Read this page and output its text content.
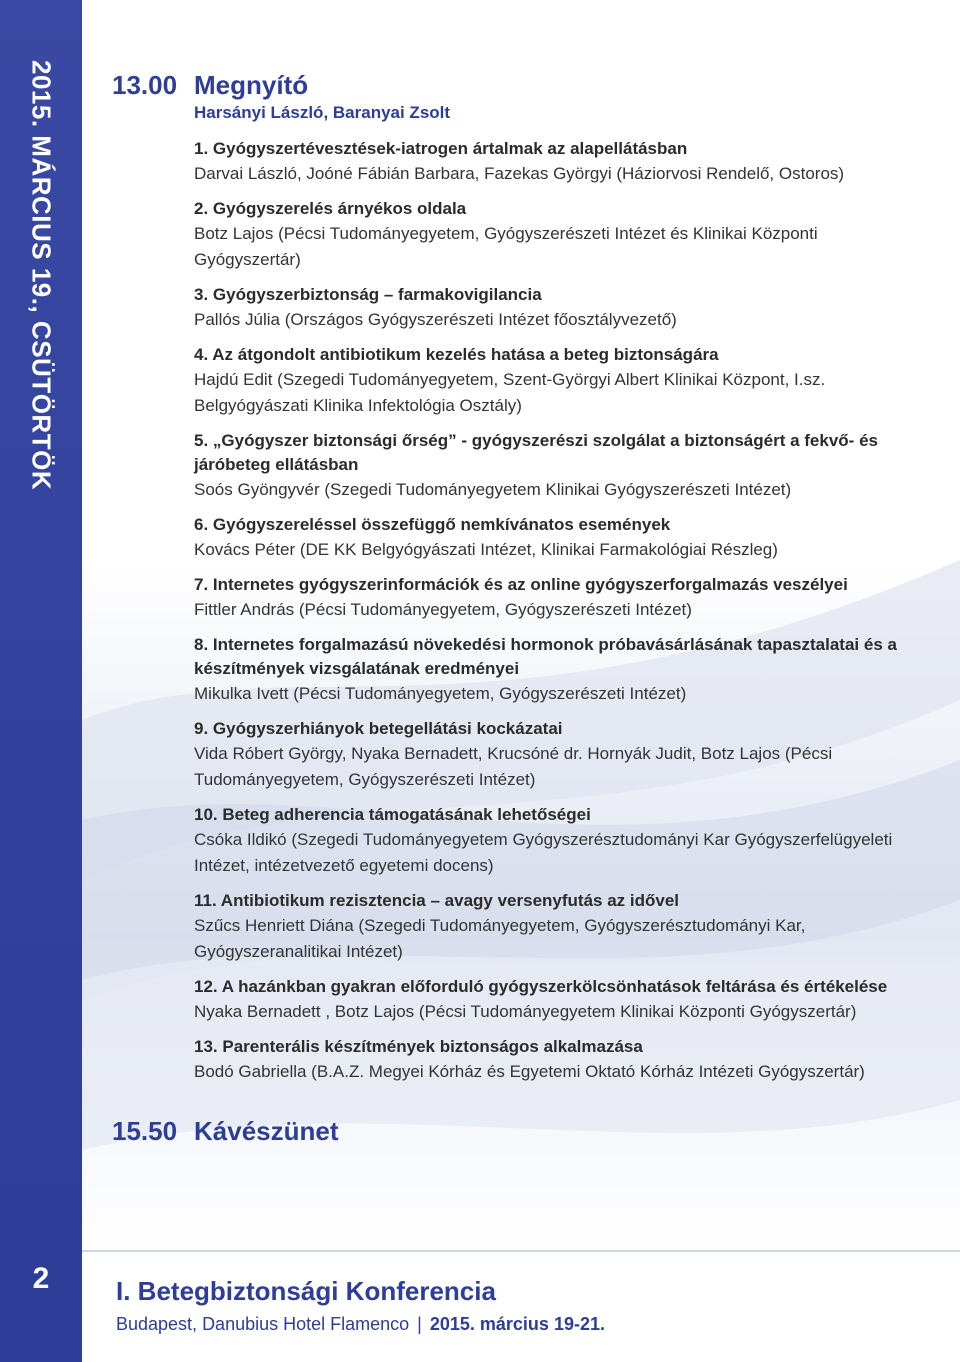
2015. MÁRCIUS 19., CSÜTÖRTÖK
2
13.00 Megnyító
Harsányi László, Baranyai Zsolt
1. Gyógyszertévesztések-iatrogen ártalmak az alapellátásban
Darvai László, Joóné Fábián Barbara, Fazekas Györgyi (Háziorvosi Rendelő, Ostoros)
2. Gyógyszerelés árnyékos oldala
Botz Lajos (Pécsi Tudományegyetem, Gyógyszerészeti Intézet és Klinikai Központi Gyógyszertár)
3. Gyógyszerbiztonság – farmakovigilancia
Pallós Júlia (Országos Gyógyszerészeti Intézet főosztályvezető)
4. Az átgondolt antibiotikum kezelés hatása a beteg biztonságára
Hajdú Edit (Szegedi Tudományegyetem, Szent-Györgyi Albert Klinikai Központ, I.sz. Belgyógyászati Klinika Infektológia Osztály)
5. „Gyógyszer biztonsági őrség” - gyógyszerészi szolgálat a biztonságért a fekvő- és járóbeteg ellátásban
Soós Gyöngyvér (Szegedi Tudományegyetem Klinikai Gyógyszerészeti Intézet)
6. Gyógyszereléssel összefüggő nemkívánatos események
Kovács Péter (DE KK Belgyógyászati Intézet, Klinikai Farmakológiai Részleg)
7. Internetes gyógyszerinformációk és az online gyógyszerforgalmazás veszélyei
Fittler András (Pécsi Tudományegyetem, Gyógyszerészeti Intézet)
8. Internetes forgalmazású növekedési hormonok próbavásárlásának tapasztalatai és a készítmények vizsgálatának eredményei
Mikulka Ivett (Pécsi Tudományegyetem, Gyógyszerészeti Intézet)
9. Gyógyszerhiányok betegellátási kockázatai
Vida Róbert György, Nyaka Bernadett, Krucsóné dr. Hornyák Judit, Botz Lajos (Pécsi Tudományegyetem, Gyógyszerészeti Intézet)
10. Beteg adherencia támogatásának lehetőségei
Csóka Ildikó (Szegedi Tudományegyetem Gyógyszerésztudományi Kar Gyógyszerfelügyeleti Intézet, intézetvezető egyetemi docens)
11. Antibiotikum rezisztencia – avagy versenyfutás az idővel
Szűcs Henriett Diána (Szegedi Tudományegyetem, Gyógyszerésztudományi Kar, Gyógyszeranalitikai Intézet)
12. A hazánkban gyakran előforduló gyógyszerkölcsönhatások feltárása és értékelése
Nyaka Bernadett , Botz Lajos (Pécsi Tudományegyetem Klinikai Központi Gyógyszertár)
13. Parenterális készítmények biztonságos alkalmazása
Bodó Gabriella (B.A.Z. Megyei Kórház és Egyetemi Oktató Kórház Intézeti Gyógyszertár)
15.50 Kávészünet
I. Betegbiztonsági Konferencia
Budapest, Danubius Hotel Flamenco | 2015. március 19-21.
